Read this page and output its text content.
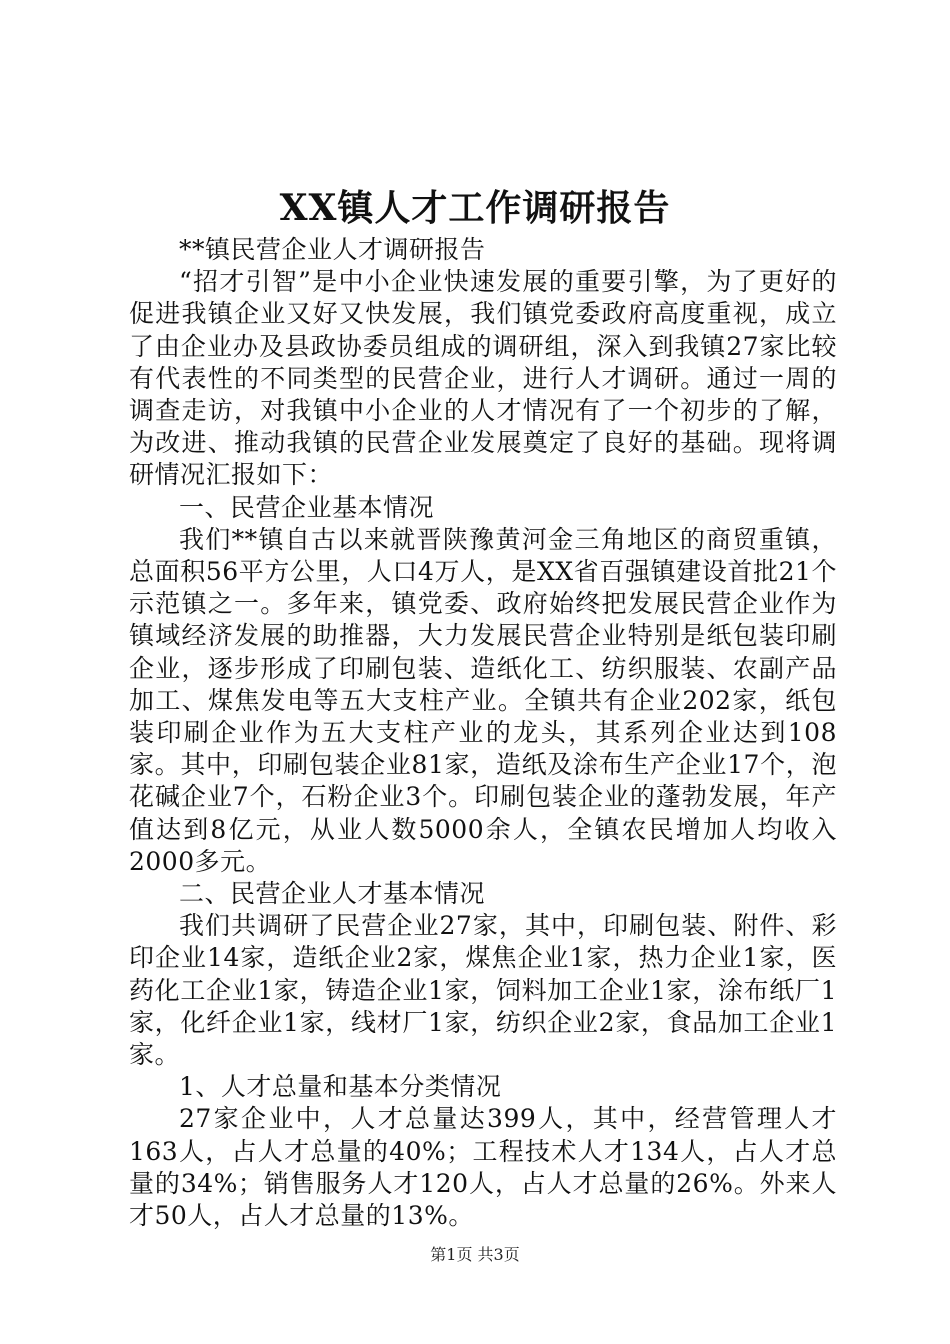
XX镇人才工作调研报告

**镇民营企业人才调研报告

“招才引智”是中小企业快速发展的重要引擎，为了更好的促进我镇企业又好又快发展，我们镇党委政府高度重视，成立了由企业办及县政协委员组成的调研组，深入到我镇27家比较有代表性的不同类型的民营企业，进行人才调研。通过一周的调查走访，对我镇中小企业的人才情况有了一个初步的了解，为改进、推动我镇的民营企业发展奠定了良好的基础。现将调研情况汇报如下：

一、民营企业基本情况

我们**镇自古以来就晋陕豫黄河金三角地区的商贸重镇，总面积56平方公里，人口4万人，是XX省百强镇建设首批21个示范镇之一。多年来，镇党委、政府始终把发展民营企业作为镇域经济发展的助推器，大力发展民营企业特别是纸包装印刷企业，逐步形成了印刷包装、造纸化工、纺织服装、农副产品加工、煤焦发电等五大支柱产业。全镇共有企业202家，纸包装印刷企业作为五大支柱产业的龙头，其系列企业达到108家。其中，印刷包装企业81家，造纸及涂布生产企业17个，泡花碱企业7个，石粉企业3个。印刷包装企业的蓬勃发展，年产值达到8亿元，从业人数5000余人，全镇农民增加人均收入2000多元。

二、民营企业人才基本情况

我们共调研了民营企业27家，其中，印刷包装、附件、彩印企业14家，造纸企业2家，煤焦企业1家，热力企业1家，医药化工企业1家，铸造企业1家，饲料加工企业1家，涂布纸厂1家，化纤企业1家，线材厂1家，纺织企业2家，食品加工企业1家。

1、人才总量和基本分类情况

27家企业中，人才总量达399人，其中，经营管理人才163人，占人才总量的40%；工程技术人才134人，占人才总量的34%；销售服务人才120人，占人才总量的26%。外来人才50人，占人才总量的13%。

第1页 共3页
